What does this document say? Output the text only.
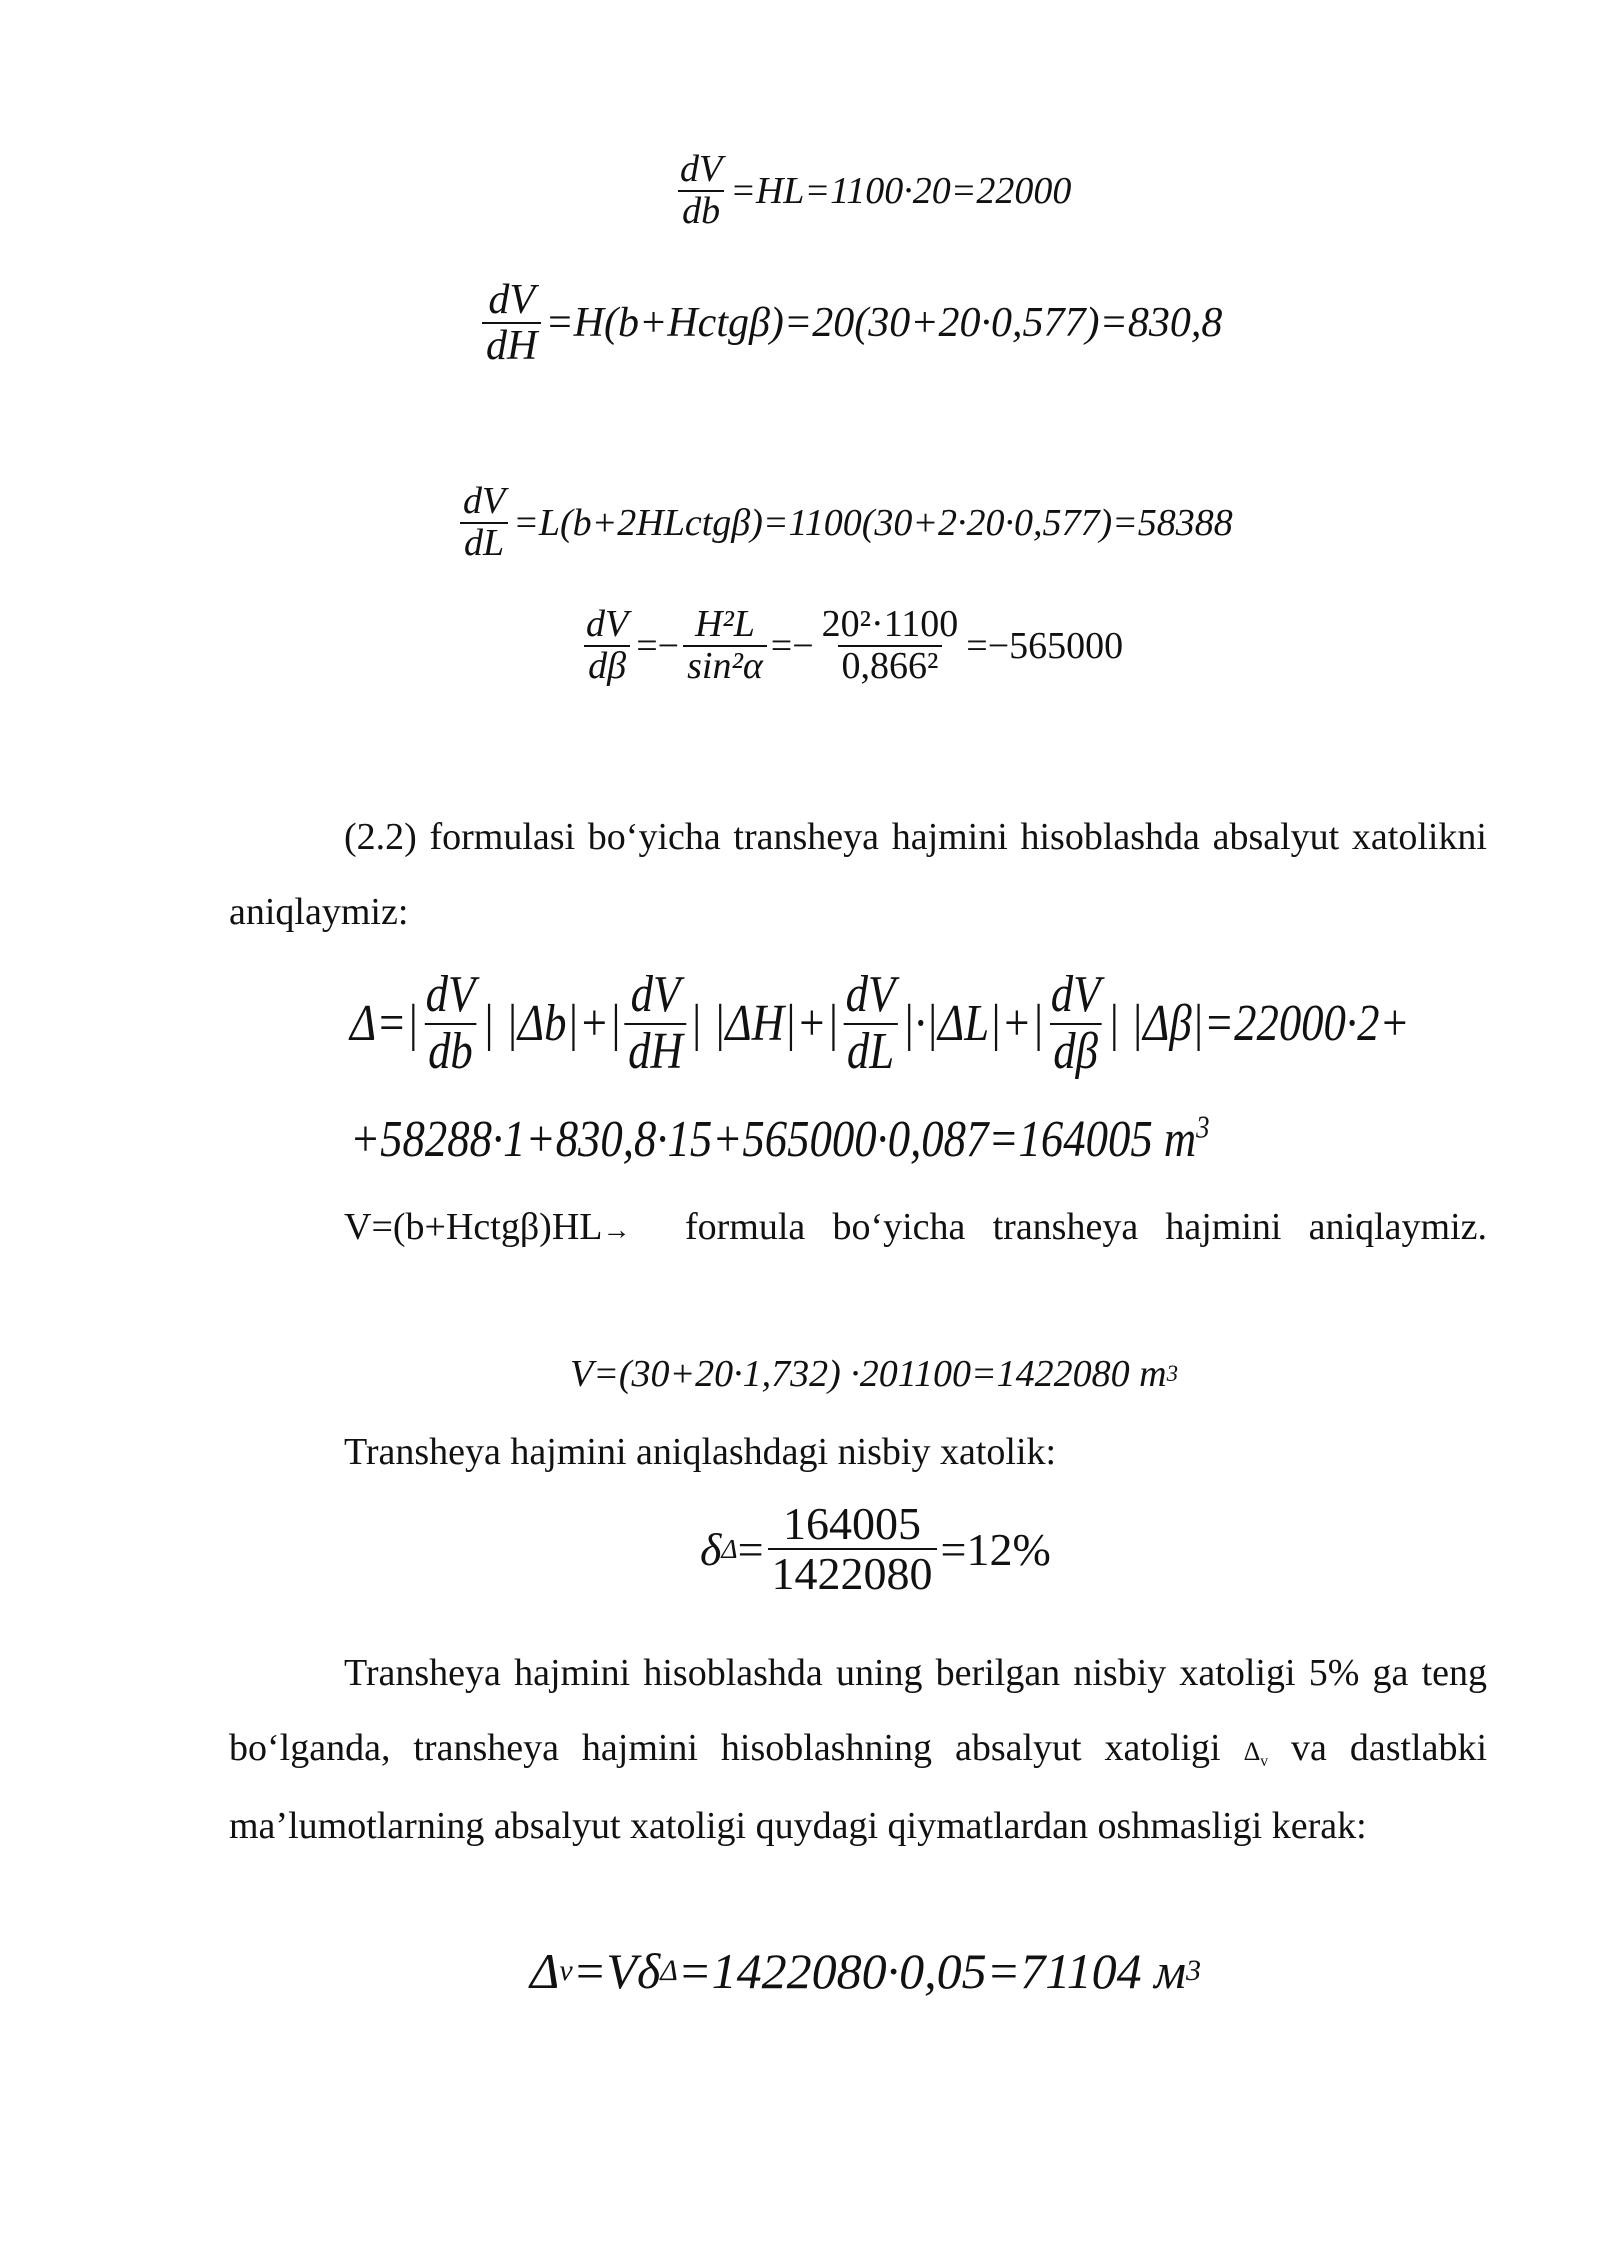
$\frac{dV}{db} =HL=1100\cdot 20=22000$
$\frac{dV}{dH}$ =H(b+Hctgβ)=20(30+20·0,577)=830,8
$\frac{dV}{dL}$ =L(b+2HLctgβ)=1100(30+2·20·0,577)=58388
$\frac{dV}{d\beta} =- \frac{\text{H²L}}{\text{sin²α}} =- \frac{\text{20²·1100}}{\text{0,866²}} =-565000$
(2.2) formulasi bo‘yicha transheya hajmini hisoblashda absalyut xatolikni aniqlaymiz:
$\Delta=| \frac{dV}{db}$ | $|\Delta b|+| \frac{dV}{dH}$ | $|\Delta H|+| \frac{dV}{dL} |\cdot|\Delta L|+| \frac{dV}{d\beta}$ | |Δβ|=22000·2+
+58288·1+830,8·15+565000·0,087=164005 $m^3$
V=(b+Hctgβ)HL→	formula bo‘yicha transheya hajmini aniqlaymiz.
V=(30+20·1,732) ·201100=1422080 m 3
Transheya hajmini aniqlashdagi nisbiy xatolik:
δ $\Delta = \frac{164005}{1422080} =12\%$
Transheya hajmini hisoblashda uning berilgan nisbiy xatoligi 5% ga teng bo‘lganda, transheya hajmini hisoblashning absalyut xatoligi $\Delta_v$ va dastlabki ma’lumotlarning absalyut xatoligi quydagi qiymatlardan oshmasligi kerak:
Δ v =Vδ Δ =1422080·0,05=71104 м 3
